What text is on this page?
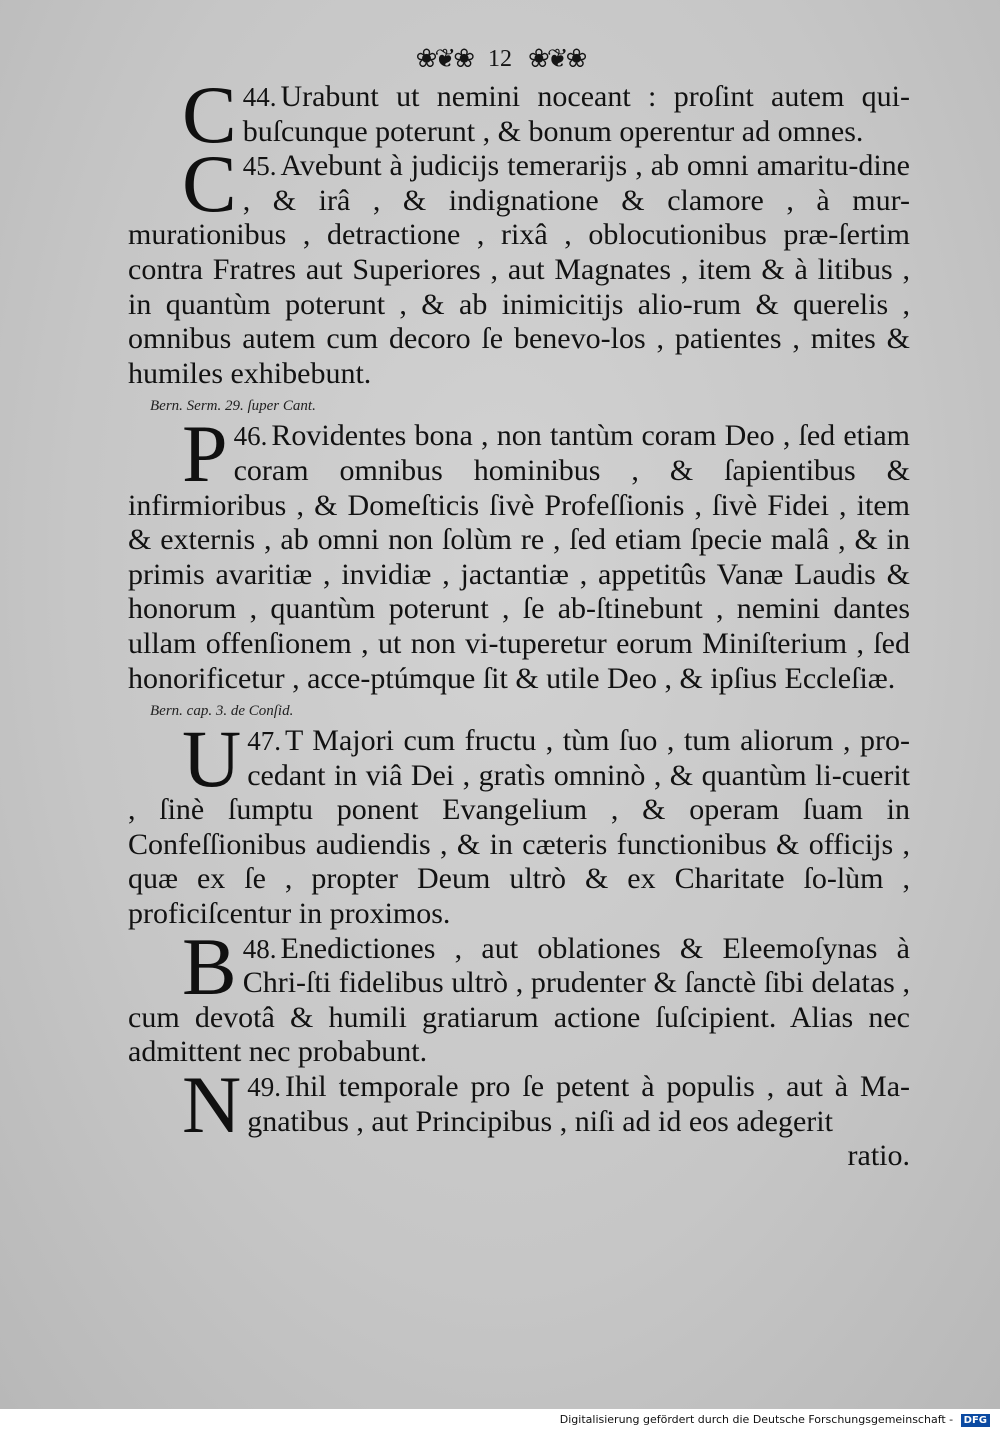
❀❦❀ 12 ❀❦❀
C 44. Urabunt ut nemini noceant : proſint autem qui-buſcunque poterunt , & bonum operentur ad omnes.
C 45. Avebunt à judicijs temerarijs , ab omni amaritu-dine , & irâ , & indignatione & clamore , à mur-murationibus , detractione , rixâ , oblocutionibus præ-ſertim contra Fratres aut Superiores , aut Magnates , item & à litibus , in quantùm poterunt , & ab inimicitijs alio-rum & querelis , omnibus autem cum decoro ſe benevo-los , patientes , mites & humiles exhibebunt.
Bern. Serm. 29. ſuper Cant.
P 46. Rovidentes bona , non tantùm coram Deo , ſed etiam coram omnibus hominibus , & ſapientibus & infirmioribus , & Domeſticis ſivè Profeſſionis , ſivè Fidei , item & externis , ab omni non ſolùm re , ſed etiam ſpecie malâ , & in primis avaritiæ , invidiæ , jactantiæ , appetitûs Vanæ Laudis & honorum , quantùm poterunt , ſe ab-ſtinebunt , nemini dantes ullam offenſionem , ut non vi-tuperetur eorum Miniſterium , ſed honorificetur , acce-ptúmque ſit & utile Deo , & ipſius Eccleſiæ.
Bern. cap. 3. de Conſid.
U 47. T Majori cum fructu , tùm ſuo , tum aliorum , pro-cedant in viâ Dei , gratìs omninò , & quantùm li-cuerit , ſinè ſumptu ponent Evangelium , & operam ſuam in Confeſſionibus audiendis , & in cæteris functionibus & officijs , quæ ex ſe , propter Deum ultrò & ex Charitate ſo-lùm , proficiſcentur in proximos.
B 48. Enedictiones , aut oblationes & Eleemoſynas à Chri-ſti fidelibus ultrò , prudenter & ſanctè ſibi delatas , cum devotâ & humili gratiarum actione ſuſcipient. Alias nec admittent nec probabunt.
N 49. Ihil temporale pro ſe petent à populis , aut à Ma-gnatibus , aut Principibus , niſi ad id eos adegerit
ratio.
Digitalisierung gefördert durch die Deutsche Forschungsgemeinschaft - DFG
